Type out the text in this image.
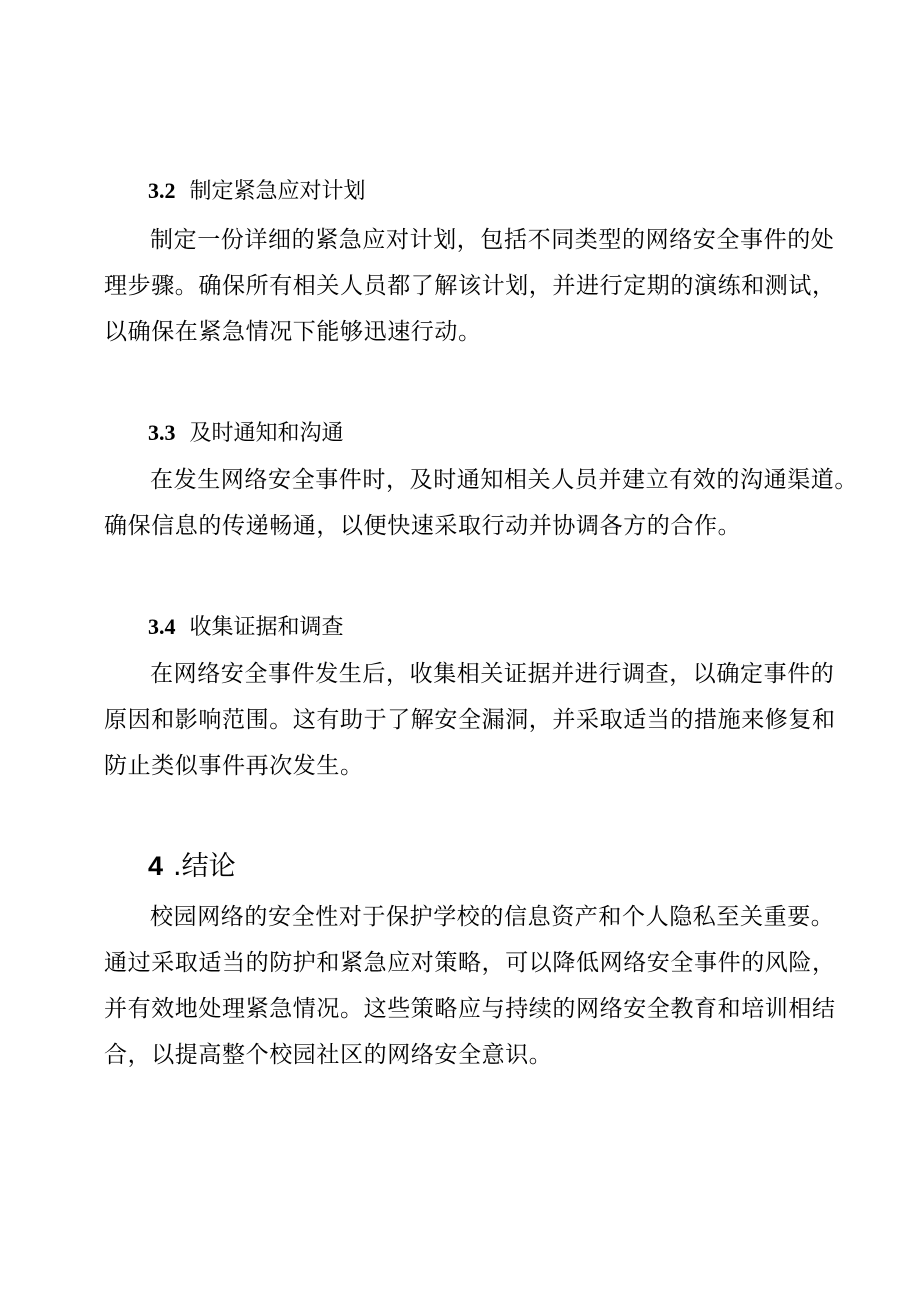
3.2 制定紧急应对计划
制定一份详细的紧急应对计划，包括不同类型的网络安全事件的处
理步骤。确保所有相关人员都了解该计划，并进行定期的演练和测试，
以确保在紧急情况下能够迅速行动。
3.3 及时通知和沟通
在发生网络安全事件时，及时通知相关人员并建立有效的沟通渠道。
确保信息的传递畅通，以便快速采取行动并协调各方的合作。
3.4 收集证据和调查
在网络安全事件发生后，收集相关证据并进行调查，以确定事件的
原因和影响范围。这有助于了解安全漏洞，并采取适当的措施来修复和
防止类似事件再次发生。
4 .结论
校园网络的安全性对于保护学校的信息资产和个人隐私至关重要。
通过采取适当的防护和紧急应对策略，可以降低网络安全事件的风险，
并有效地处理紧急情况。这些策略应与持续的网络安全教育和培训相结
合，以提高整个校园社区的网络安全意识。
